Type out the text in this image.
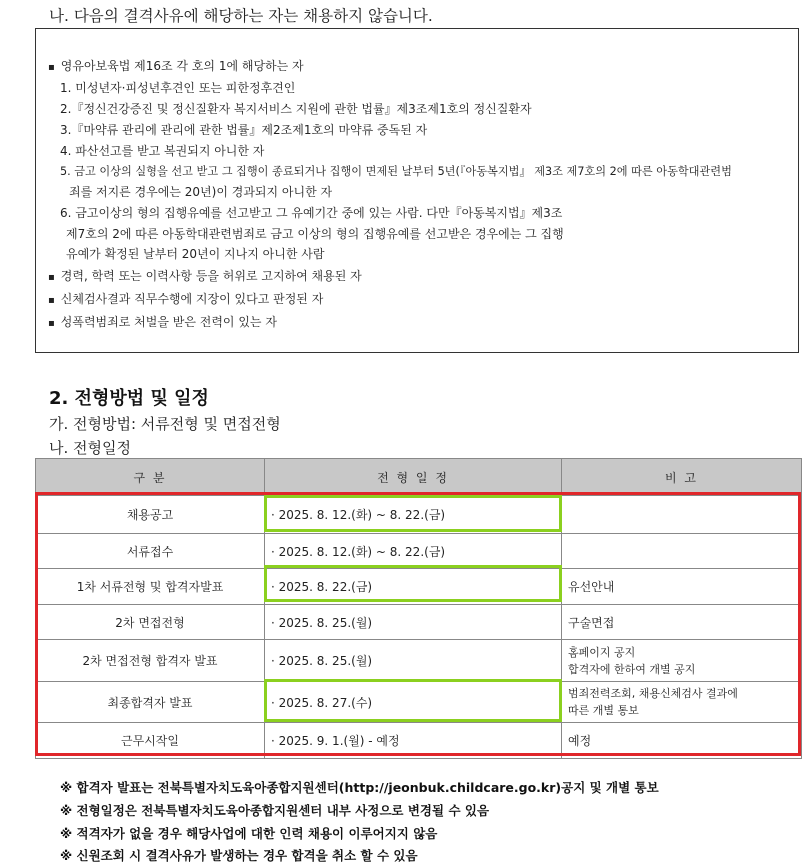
나. 다음의 결격사유에 해당하는 자는 채용하지 않습니다.
▪ 영유아보육법 제16조 각 호의 1에 해당하는 자
1. 미성년자·피성년후견인 또는 피한정후견인
2.『정신건강증진 및 정신질환자 복지서비스 지원에 관한 법률』제3조제1호의 정신질환자
3.『마약류 관리에 관리에 관한 법률』제2조제1호의 마약류 중독된 자
4. 파산선고를 받고 복권되지 아니한 자
5. 금고 이상의 실형을 선고 받고 그 집행이 종료되거나 집행이 면제된 날부터 5년(『아동복지법』 제3조 제7호의 2에 따른 아동학대관련범
죄를 저지른 경우에는 20년)이 경과되지 아니한 자
6. 금고이상의 형의 집행유예를 선고받고 그 유예기간 중에 있는 사람. 다만『아동복지법』제3조
제7호의 2에 따른 아동학대관련범죄로 금고 이상의 형의 집행유예를 선고받은 경우에는 그 집행
유예가 확정된 날부터 20년이 지나지 아니한 사람
▪ 경력, 학력 또는 이력사항 등을 허위로 고지하여 채용된 자
▪ 신체검사결과 직무수행에 지장이 있다고 판정된 자
▪ 성폭력범죄로 처벌을 받은 전력이 있는 자
2. 전형방법 및 일정
가. 전형방법: 서류전형 및 면접전형
나. 전형일정
구 분	전 형 일 정	비 고
채용공고	· 2025. 8. 12.(화) ~ 8. 22.(금)	
서류접수	· 2025. 8. 12.(화) ~ 8. 22.(금)	
1차 서류전형 및 합격자발표	· 2025. 8. 22.(금)	유선안내
2차 면접전형	· 2025. 8. 25.(월)	구술면접
2차 면접전형 합격자 발표	· 2025. 8. 25.(월)	홈페이지 공지
합격자에 한하여 개별 공지

최종합격자 발표	· 2025. 8. 27.(수)	범죄전력조회, 채용신체검사 결과에
따른 개별 통보

근무시작일	· 2025. 9. 1.(월) - 예정	예정
※ 합격자 발표는 전북특별자치도육아종합지원센터(http://jeonbuk.childcare.go.kr)공지 및 개별 통보
※ 전형일정은 전북특별자치도육아종합지원센터 내부 사정으로 변경될 수 있음
※ 적격자가 없을 경우 해당사업에 대한 인력 채용이 이루어지지 않음
※ 신원조회 시 결격사유가 발생하는 경우 합격을 취소 할 수 있음
